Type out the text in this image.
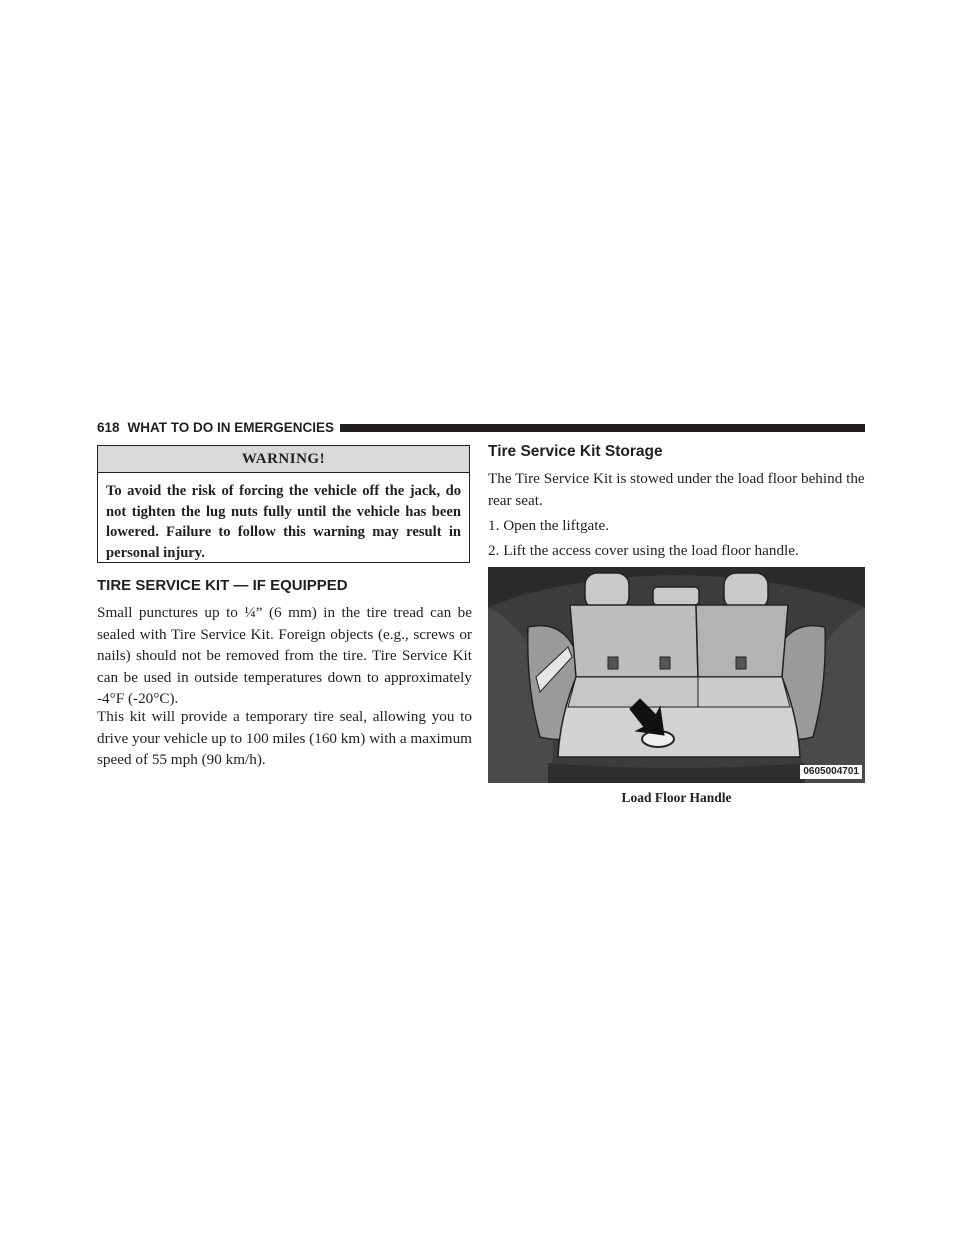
618 WHAT TO DO IN EMERGENCIES
WARNING!
To avoid the risk of forcing the vehicle off the jack, do not tighten the lug nuts fully until the vehicle has been lowered. Failure to follow this warning may result in personal injury.
TIRE SERVICE KIT — IF EQUIPPED

Small punctures up to ¼” (6 mm) in the tire tread can be sealed with Tire Service Kit. Foreign objects (e.g., screws or nails) should not be removed from the tire. Tire Service Kit can be used in outside temperatures down to approximately -4°F (-20°C).

This kit will provide a temporary tire seal, allowing you to drive your vehicle up to 100 miles (160 km) with a maximum speed of 55 mph (90 km/h).

Tire Service Kit Storage

The Tire Service Kit is stowed under the load floor behind the rear seat.

1. Open the liftgate.

2. Lift the access cover using the load floor handle.

0605004701
Load Floor Handle
